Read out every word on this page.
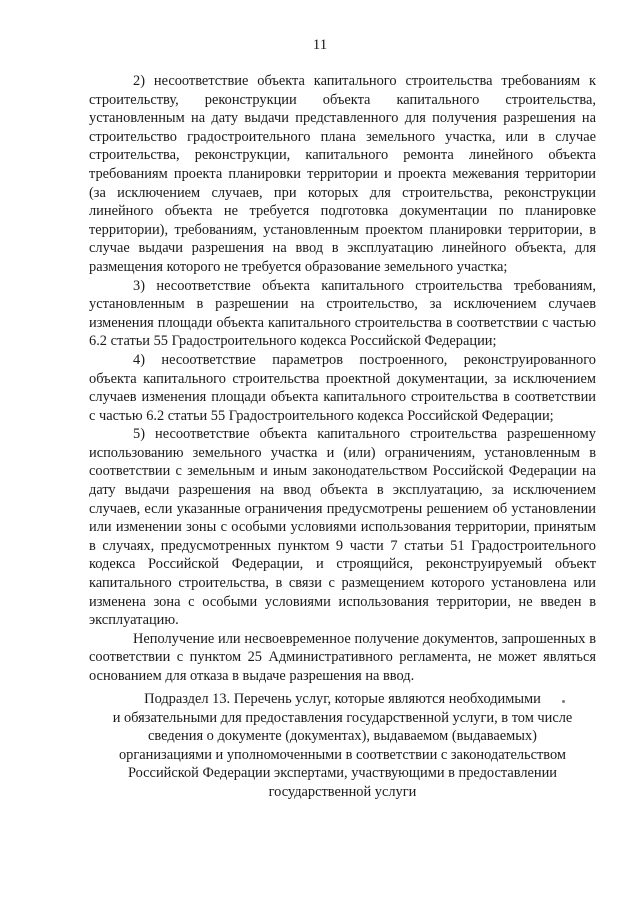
11

2) несоответствие объекта капитального строительства требованиям к строительству, реконструкции объекта капитального строительства, установленным на дату выдачи представленного для получения разрешения на строительство градостроительного плана земельного участка, или в случае строительства, реконструкции, капитального ремонта линейного объекта требованиям проекта планировки территории и проекта межевания территории (за исключением случаев, при которых для строительства, реконструкции линейного объекта не требуется подготовка документации по планировке территории), требованиям, установленным проектом планировки территории, в случае выдачи разрешения на ввод в эксплуатацию линейного объекта, для размещения которого не требуется образование земельного участка;

3) несоответствие объекта капитального строительства требованиям, установленным в разрешении на строительство, за исключением случаев изменения площади объекта капитального строительства в соответствии с частью 6.2 статьи 55 Градостроительного кодекса Российской Федерации;

4) несоответствие параметров построенного, реконструированного объекта капитального строительства проектной документации, за исключением случаев изменения площади объекта капитального строительства в соответствии с частью 6.2 статьи 55 Градостроительного кодекса Российской Федерации;

5) несоответствие объекта капитального строительства разрешенному использованию земельного участка и (или) ограничениям, установленным в соответствии с земельным и иным законодательством Российской Федерации на дату выдачи разрешения на ввод объекта в эксплуатацию, за исключением случаев, если указанные ограничения предусмотрены решением об установлении или изменении зоны с особыми условиями использования территории, принятым в случаях, предусмотренных пунктом 9 части 7 статьи 51 Градостроительного кодекса Российской Федерации, и строящийся, реконструируемый объект капитального строительства, в связи с размещением которого установлена или изменена зона с особыми условиями использования территории, не введен в эксплуатацию.

Неполучение или несвоевременное получение документов, запрошенных в соответствии с пунктом 25 Административного регламента, не может являться основанием для отказа в выдаче разрешения на ввод.

Подраздел 13. Перечень услуг, которые являются необходимыми
и обязательными для предоставления государственной услуги, в том числе
сведения о документе (документах), выдаваемом (выдаваемых)
организациями и уполномоченными в соответствии с законодательством
Российской Федерации экспертами, участвующими в предоставлении
государственной услуги
